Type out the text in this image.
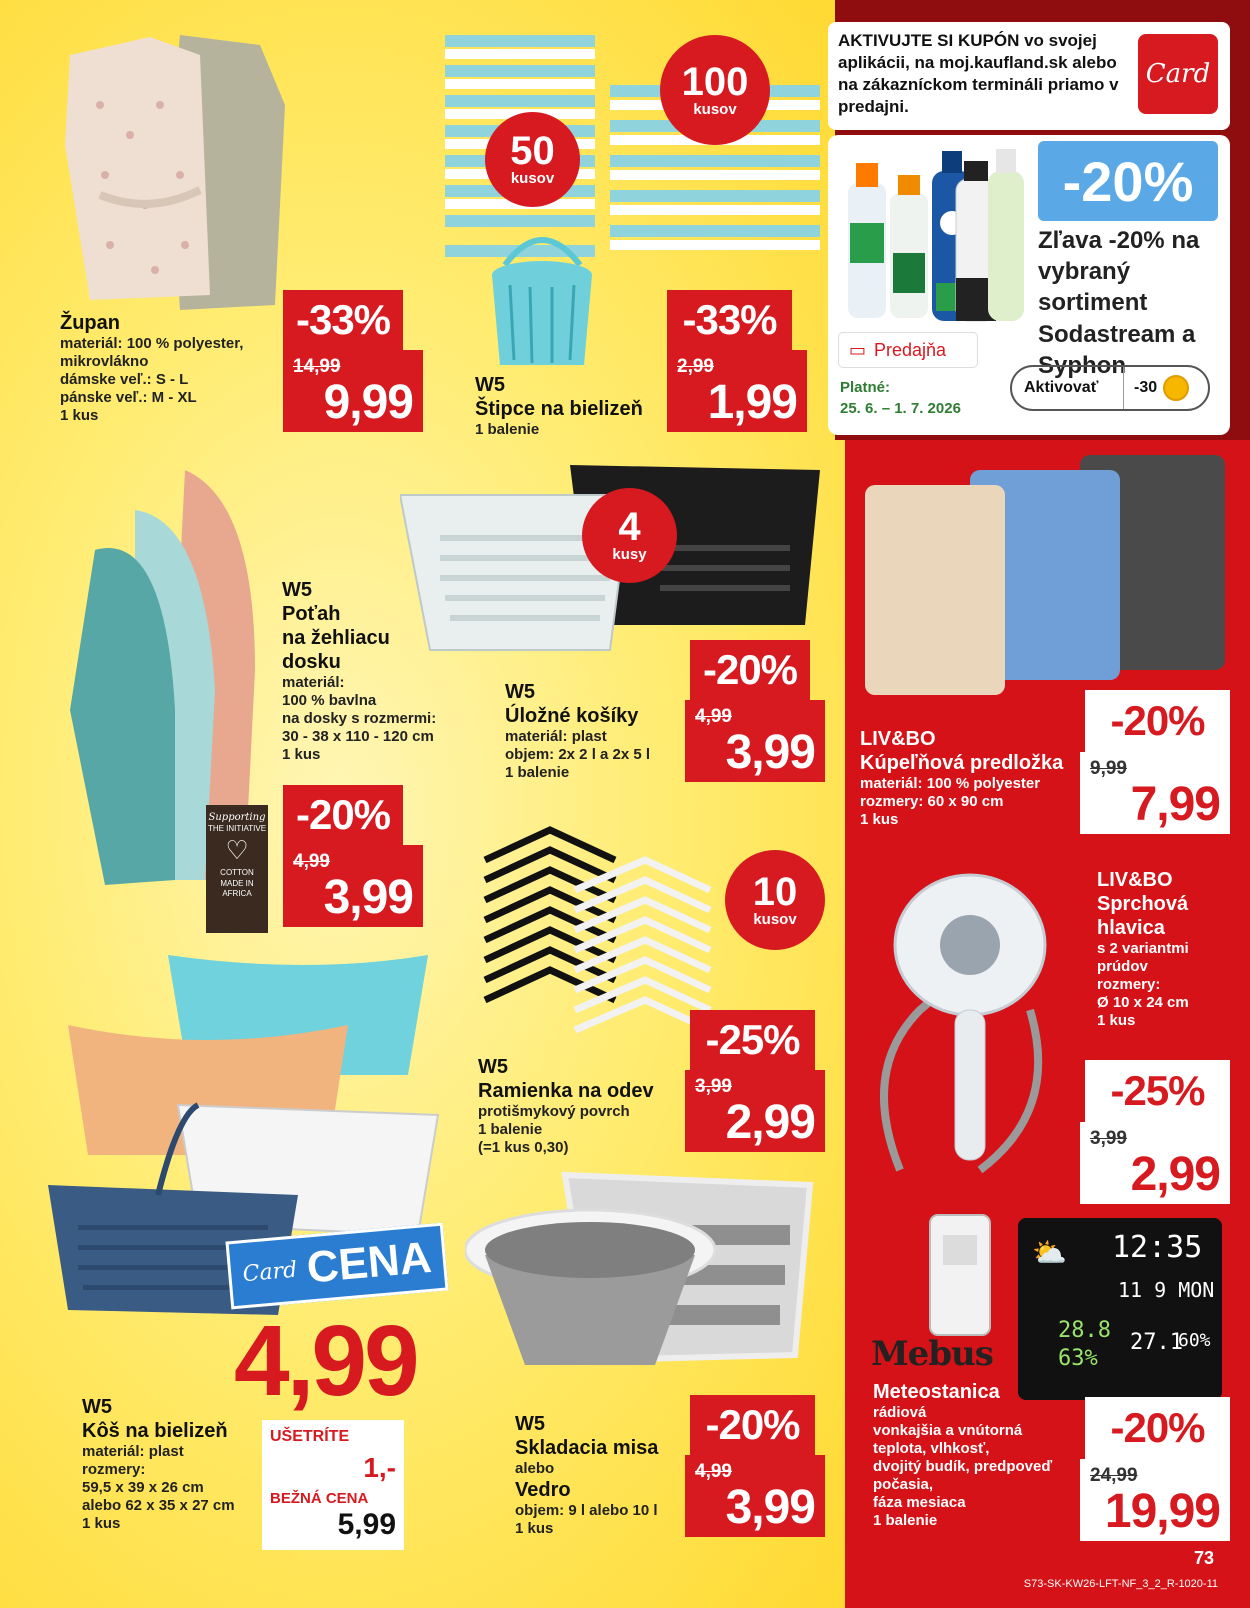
AKTIVUJTE SI KUPÓN vo svojej aplikácii, na moj.kaufland.sk alebo na zákazníckom termináli priamo v predajni.
Card
-20%
Zľava -20% na vybraný sortiment Sodastream a Syphon
▭ Predajňa
Platné:
25. 6. – 1. 7. 2026
Aktivovať	-30
Župan
materiál: 100 % polyester,
mikrovlákno
dámske veľ.: S - L
pánske veľ.: M - XL
1 kus
-33%
14,99
9,99
50
kusov
100
kusov
W5
Štipce na bielizeň
1 balenie
-33%
2,99
1,99
Supporting
THE INITIATIVE
♡
COTTON
MADE IN
AFRICA
W5
Poťah
na žehliacu
dosku
materiál:
100 % bavlna
na dosky s rozmermi:
30 - 38 x 110 - 120 cm
1 kus
-20%
4,99
3,99
4
kusy
W5
Úložné košíky
materiál: plast
objem: 2x 2 l a 2x 5 l
1 balenie
-20%
4,99
3,99 LIV&BO
Kúpeľňová predložka
materiál: 100 % polyester
rozmery: 60 x 90 cm
1 kus
-20%
9,99
7,99
10
kusov
W5
Ramienka na odev
protišmykový povrch
1 balenie
(=1 kus 0,30)
-25%
3,99
2,99
LIV&BO
Sprchová
hlavica
s 2 variantmi
prúdov
rozmery:
Ø 10 x 24 cm
1 kus
-25%
3,99
2,99
Card CENA
4,99
W5
Kôš na bielizeň
materiál: plast
rozmery:
59,5 x 39 x 26 cm
alebo 62 x 35 x 27 cm
1 kus
UŠETRÍTE
1,-
BEŽNÁ CENA
5,99
W5
Skladacia misa
alebo
Vedro
objem: 9 l alebo 10 l
1 kus
-20%
4,99
3,99
⛅ 12:35
11 9 MON
28.8
63%
27.1
60%
Mebus
Meteostanica
rádiová
vonkajšia a vnútorná
teplota, vlhkosť,
dvojitý budík, predpoveď
počasia,
fáza mesiaca
1 balenie
-20%
24,99
19,99
73
S73-SK-KW26-LFT-NF_3_2_R-1020-11
